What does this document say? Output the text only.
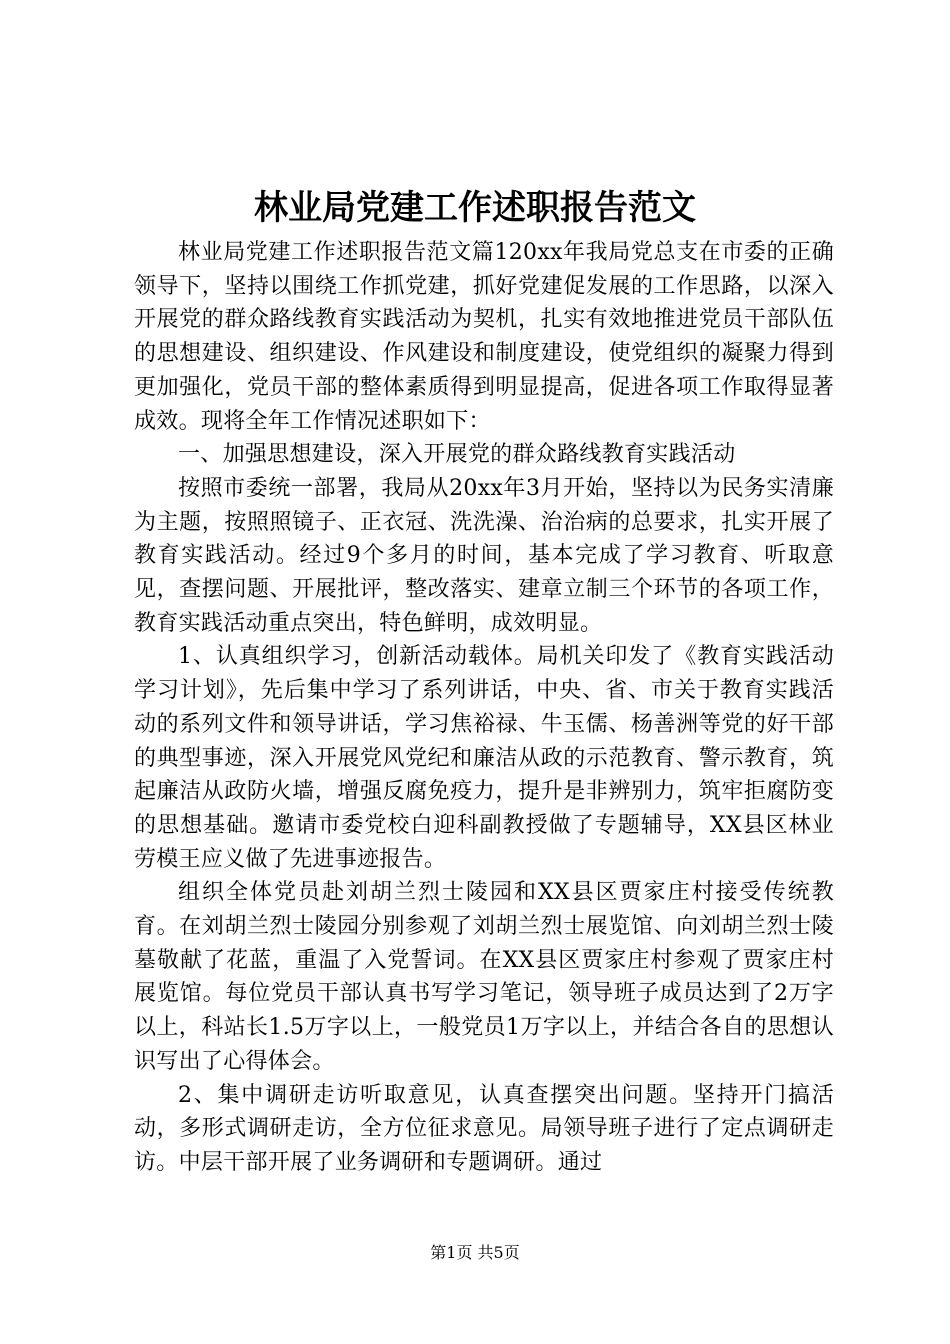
林业局党建工作述职报告范文

林业局党建工作述职报告范文篇120xx年我局党总支在市委的正确领导下，坚持以围绕工作抓党建，抓好党建促发展的工作思路，以深入开展党的群众路线教育实践活动为契机，扎实有效地推进党员干部队伍的思想建设、组织建设、作风建设和制度建设，使党组织的凝聚力得到更加强化，党员干部的整体素质得到明显提高，促进各项工作取得显著成效。现将全年工作情况述职如下：

一、加强思想建设，深入开展党的群众路线教育实践活动

按照市委统一部署，我局从20xx年3月开始，坚持以为民务实清廉为主题，按照照镜子、正衣冠、洗洗澡、治治病的总要求，扎实开展了教育实践活动。经过9个多月的时间，基本完成了学习教育、听取意见，查摆问题、开展批评，整改落实、建章立制三个环节的各项工作，教育实践活动重点突出，特色鲜明，成效明显。

1、认真组织学习，创新活动载体。局机关印发了《教育实践活动学习计划》，先后集中学习了系列讲话，中央、省、市关于教育实践活动的系列文件和领导讲话，学习焦裕禄、牛玉儒、杨善洲等党的好干部的典型事迹，深入开展党风党纪和廉洁从政的示范教育、警示教育，筑起廉洁从政防火墙，增强反腐免疫力，提升是非辨别力，筑牢拒腐防变的思想基础。邀请市委党校白迎科副教授做了专题辅导，XX县区林业劳模王应义做了先进事迹报告。

组织全体党员赴刘胡兰烈士陵园和XX县区贾家庄村接受传统教育。在刘胡兰烈士陵园分别参观了刘胡兰烈士展览馆、向刘胡兰烈士陵墓敬献了花蓝，重温了入党誓词。在XX县区贾家庄村参观了贾家庄村展览馆。每位党员干部认真书写学习笔记，领导班子成员达到了2万字以上，科站长1.5万字以上，一般党员1万字以上，并结合各自的思想认识写出了心得体会。

2、集中调研走访听取意见，认真查摆突出问题。坚持开门搞活动，多形式调研走访，全方位征求意见。局领导班子进行了定点调研走访。中层干部开展了业务调研和专题调研。通过

第1页 共5页
